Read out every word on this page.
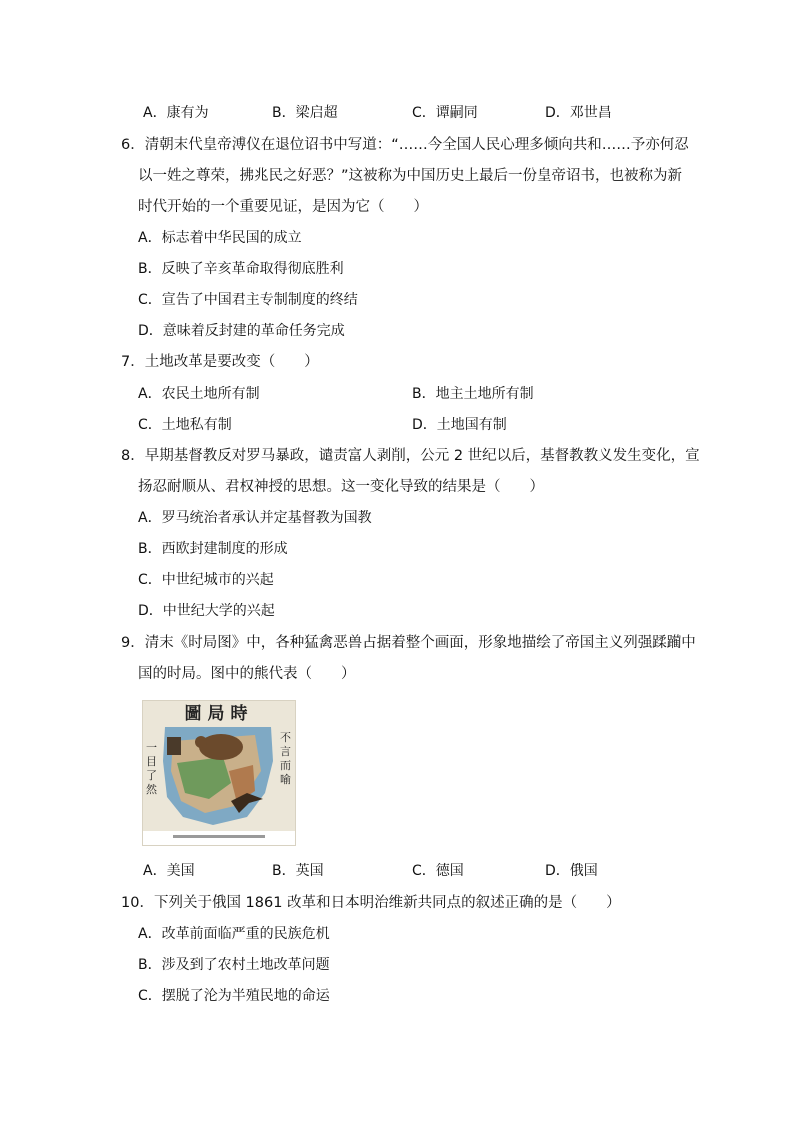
A．康有为	B．梁启超	C．谭嗣同	D．邓世昌
6．清朝末代皇帝溥仪在退位诏书中写道：“……今全国人民心理多倾向共和……予亦何忍
以一姓之尊荣，拂兆民之好恶？”这被称为中国历史上最后一份皇帝诏书，也被称为新
时代开始的一个重要见证，是因为它（　　）
A．标志着中华民国的成立
B．反映了辛亥革命取得彻底胜利
C．宣告了中国君主专制制度的终结
D．意味着反封建的革命任务完成
7．土地改革是要改变（　　）
A．农民土地所有制	B．地主土地所有制
C．土地私有制	D．土地国有制
8．早期基督教反对罗马暴政，谴责富人剥削，公元 2 世纪以后，基督教教义发生变化，宣
扬忍耐顺从、君权神授的思想。这一变化导致的结果是（　　）
A．罗马统治者承认并定基督教为国教
B．西欧封建制度的形成
C．中世纪城市的兴起
D．中世纪大学的兴起
9．清末《时局图》中，各种猛禽恶兽占据着整个画面，形象地描绘了帝国主义列强蹂躏中
国的时局。图中的熊代表（　　）
圖局時
一目了然
不言而喻
A．美国	B．英国	C．德国	D．俄国
10．下列关于俄国 1861 改革和日本明治维新共同点的叙述正确的是（　　）
A．改革前面临严重的民族危机
B．涉及到了农村土地改革问题
C．摆脱了沦为半殖民地的命运
